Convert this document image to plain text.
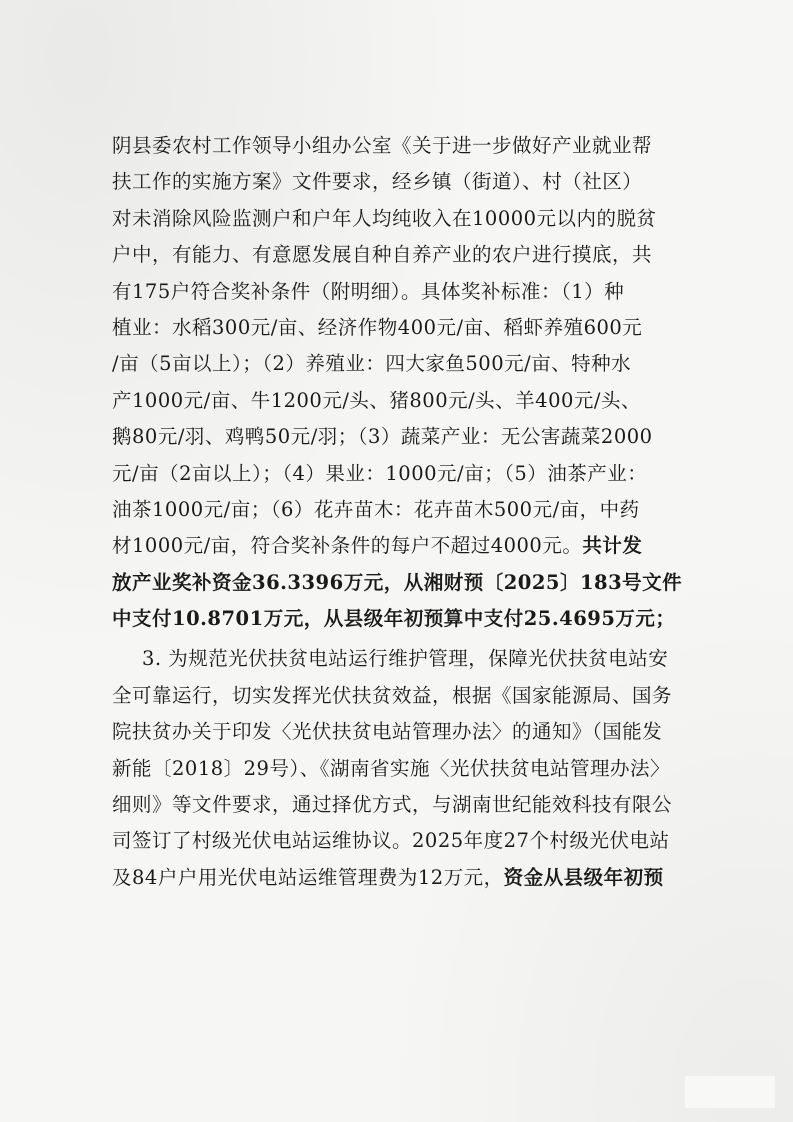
阴县委农村工作领导小组办公室《关于进一步做好产业就业帮
扶工作的实施方案》文件要求，经乡镇（街道）、村（社区）
对未消除风险监测户和户年人均纯收入在10000元以内的脱贫
户中，有能力、有意愿发展自种自养产业的农户进行摸底，共
有175户符合奖补条件（附明细）。具体奖补标准：（1）种
植业：水稻300元/亩、经济作物400元/亩、稻虾养殖600元
/亩（5亩以上）；（2）养殖业：四大家鱼500元/亩、特种水
产1000元/亩、牛1200元/头、猪800元/头、羊400元/头、
鹅80元/羽、鸡鸭50元/羽；（3）蔬菜产业：无公害蔬菜2000
元/亩（2亩以上）；（4）果业：1000元/亩；（5）油茶产业：
油茶1000元/亩；（6）花卉苗木：花卉苗木500元/亩，中药
材1000元/亩，符合奖补条件的每户不超过4000元。共计发
放产业奖补资金36.3396万元，从湘财预〔2025〕183号文件
中支付10.8701万元，从县级年初预算中支付25.4695万元；
3. 为规范光伏扶贫电站运行维护管理，保障光伏扶贫电站安
全可靠运行，切实发挥光伏扶贫效益，根据《国家能源局、国务
院扶贫办关于印发〈光伏扶贫电站管理办法〉的通知》（国能发
新能〔2018〕29号）、《湖南省实施〈光伏扶贫电站管理办法〉
细则》等文件要求，通过择优方式，与湖南世纪能效科技有限公
司签订了村级光伏电站运维协议。2025年度27个村级光伏电站
及84户户用光伏电站运维管理费为12万元，资金从县级年初预
